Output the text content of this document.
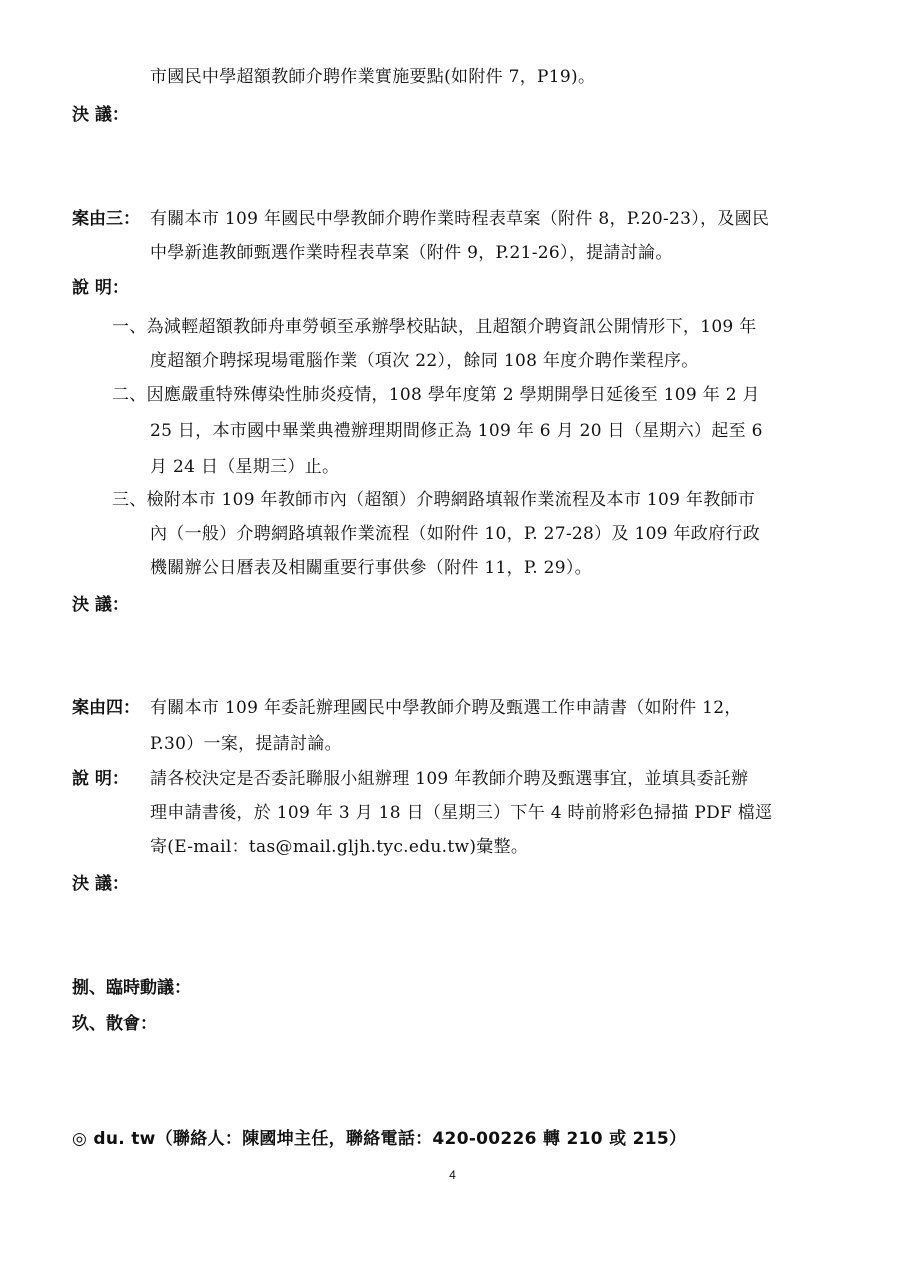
市國民中學超額教師介聘作業實施要點(如附件 7，P19)。
決 議：
案由三： 有關本市 109 年國民中學教師介聘作業時程表草案（附件 8，P.20-23），及國民
中學新進教師甄選作業時程表草案（附件 9，P.21-26），提請討論。
說 明：
一、為減輕超額教師舟車勞頓至承辦學校貼缺，且超額介聘資訊公開情形下，109 年
度超額介聘採現場電腦作業（項次 22），餘同 108 年度介聘作業程序。
二、因應嚴重特殊傳染性肺炎疫情，108 學年度第 2 學期開學日延後至 109 年 2 月
25 日，本市國中畢業典禮辦理期間修正為 109 年 6 月 20 日（星期六）起至 6
月 24 日（星期三）止。
三、檢附本市 109 年教師市內（超額）介聘網路填報作業流程及本市 109 年教師市
內（一般）介聘網路填報作業流程（如附件 10，P. 27-28）及 109 年政府行政
機關辦公日曆表及相關重要行事供參（附件 11，P. 29）。
決 議：
案由四： 有關本市 109 年委託辦理國民中學教師介聘及甄選工作申請書（如附件 12，
P.30）一案，提請討論。
說 明： 請各校決定是否委託聯服小組辦理 109 年教師介聘及甄選事宜，並填具委託辦
理申請書後，於 109 年 3 月 18 日（星期三）下午 4 時前將彩色掃描 PDF 檔逕
寄(E-mail：tas@mail.gljh.tyc.edu.tw)彙整。
決 議：
捌、臨時動議：
玖、散會：
◎ du. tw（聯絡人：陳國坤主任，聯絡電話：420-00226 轉 210 或 215）
4
